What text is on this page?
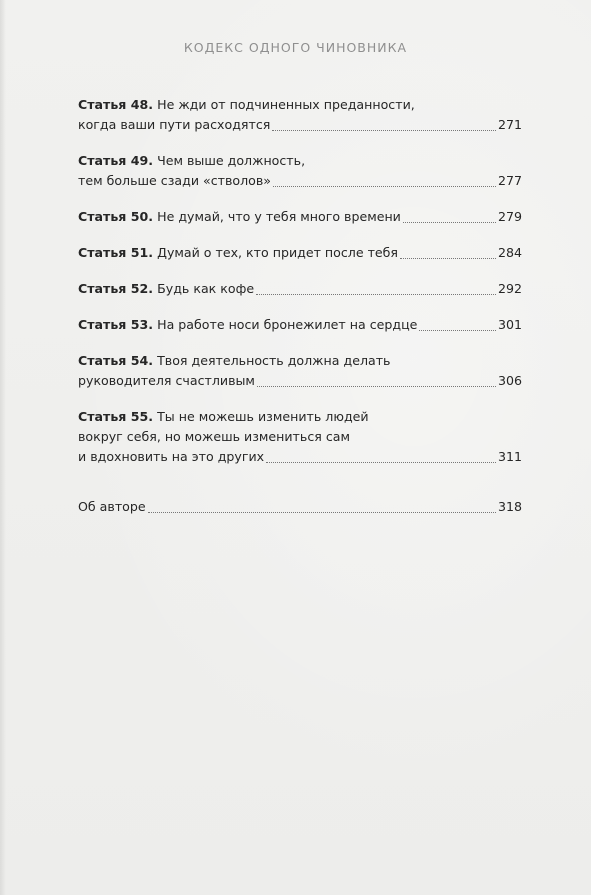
КОДЕКС ОДНОГО ЧИНОВНИКА
Статья 48. Не жди от подчиненных преданности,
когда ваши пути расходятся	271
Статья 49. Чем выше должность,
тем больше сзади «стволов»	277
Статья 50. Не думай, что у тебя много времени	279
Статья 51. Думай о тех, кто придет после тебя	284
Статья 52. Будь как кофе	292
Статья 53. На работе носи бронежилет на сердце	301
Статья 54. Твоя деятельность должна делать
руководителя счастливым	306
Статья 55. Ты не можешь изменить людей
вокруг себя, но можешь измениться сам
и вдохновить на это других	311
Об авторе	318
